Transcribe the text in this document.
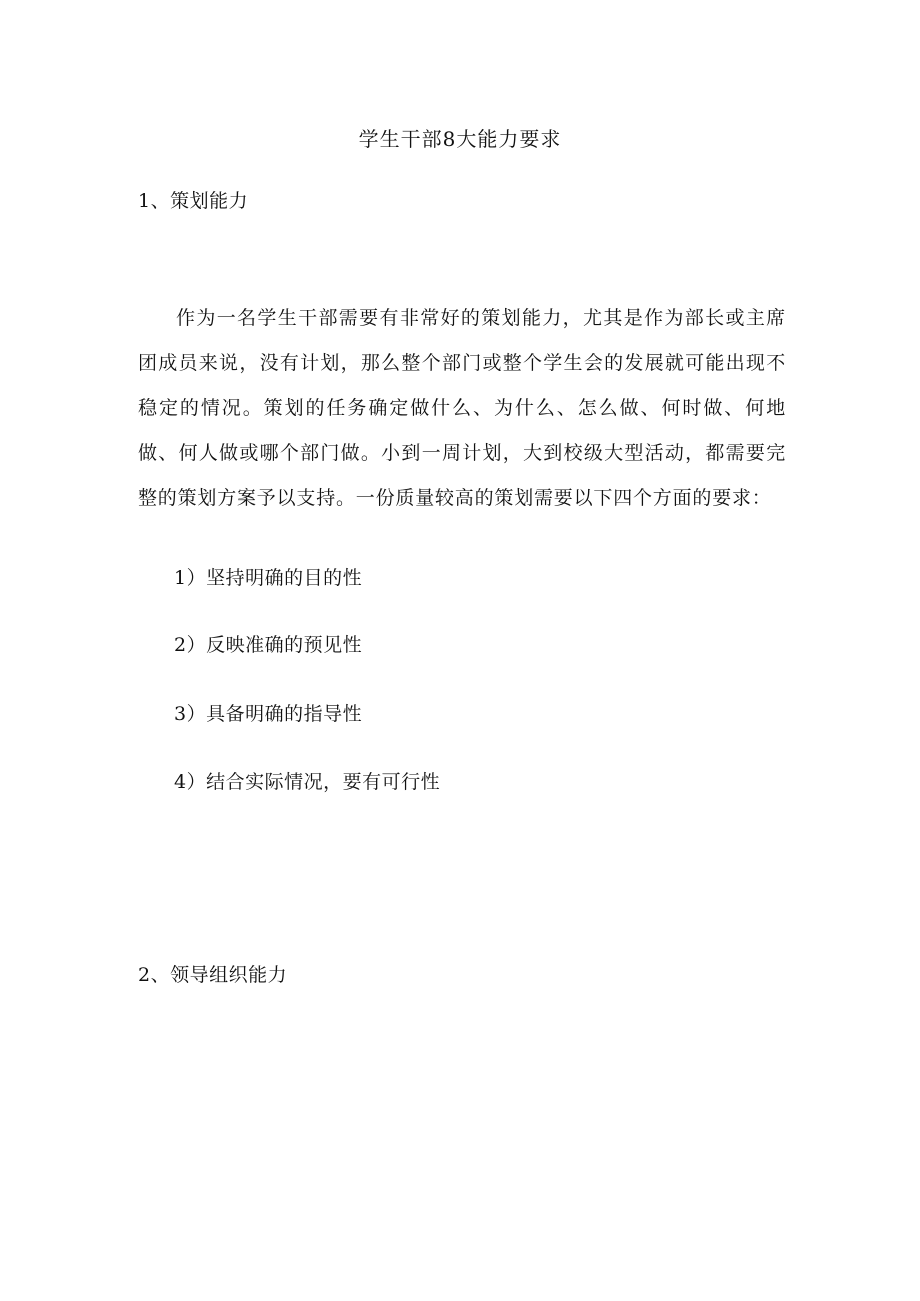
学生干部8大能力要求
1、策划能力

作为一名学生干部需要有非常好的策划能力，尤其是作为部长或主席团成员来说，没有计划，那么整个部门或整个学生会的发展就可能出现不稳定的情况。策划的任务确定做什么、为什么、怎么做、何时做、何地做、何人做或哪个部门做。小到一周计划，大到校级大型活动，都需要完整的策划方案予以支持。一份质量较高的策划需要以下四个方面的要求：

1）坚持明确的目的性
2）反映准确的预见性
3）具备明确的指导性
4）结合实际情况，要有可行性
2、领导组织能力
